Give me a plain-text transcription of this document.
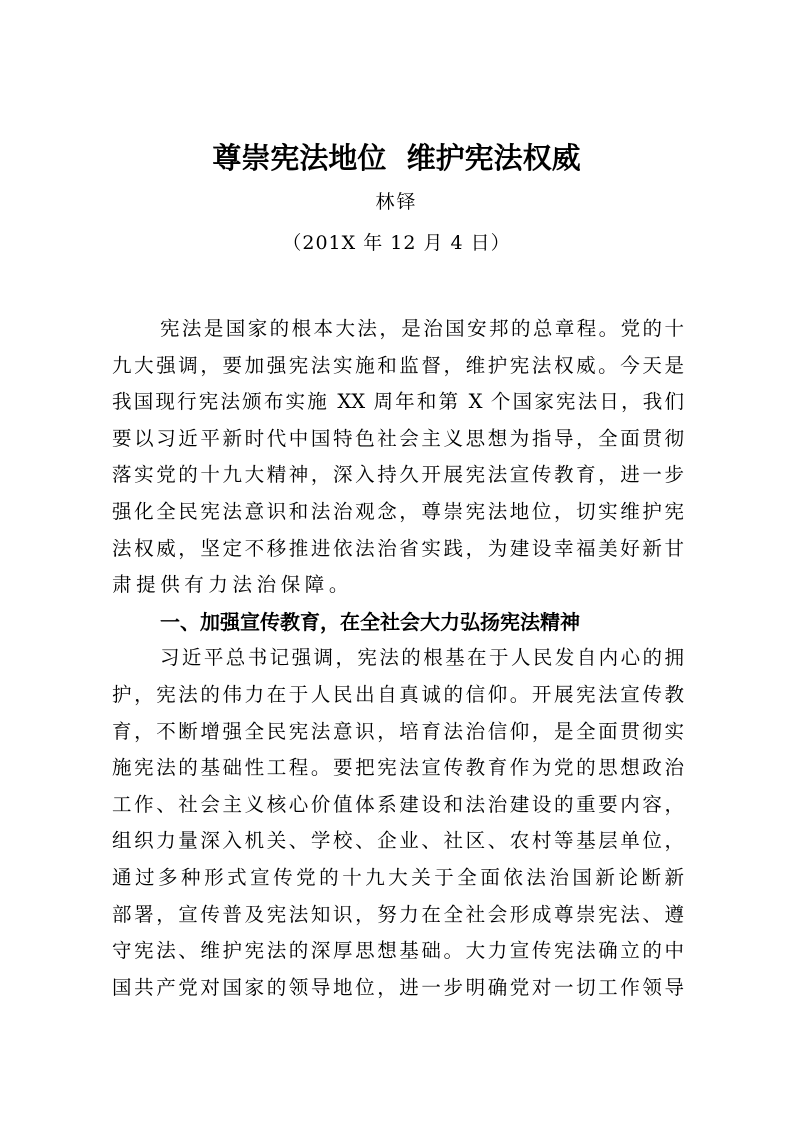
尊崇宪法地位  维护宪法权威
林铎
（201X 年 12 月 4 日）
宪法是国家的根本大法，是治国安邦的总章程。党的十
九大强调，要加强宪法实施和监督，维护宪法权威。今天是
我国现行宪法颁布实施 XX 周年和第 X 个国家宪法日，我们
要以习近平新时代中国特色社会主义思想为指导，全面贯彻
落实党的十九大精神，深入持久开展宪法宣传教育，进一步
强化全民宪法意识和法治观念，尊崇宪法地位，切实维护宪
法权威，坚定不移推进依法治省实践，为建设幸福美好新甘
肃提供有力法治保障。
一、加强宣传教育，在全社会大力弘扬宪法精神
习近平总书记强调，宪法的根基在于人民发自内心的拥
护，宪法的伟力在于人民出自真诚的信仰。开展宪法宣传教
育，不断增强全民宪法意识，培育法治信仰，是全面贯彻实
施宪法的基础性工程。要把宪法宣传教育作为党的思想政治
工作、社会主义核心价值体系建设和法治建设的重要内容，
组织力量深入机关、学校、企业、社区、农村等基层单位，
通过多种形式宣传党的十九大关于全面依法治国新论断新
部署，宣传普及宪法知识，努力在全社会形成尊崇宪法、遵
守宪法、维护宪法的深厚思想基础。大力宣传宪法确立的中
国共产党对国家的领导地位，进一步明确党对一切工作领导
